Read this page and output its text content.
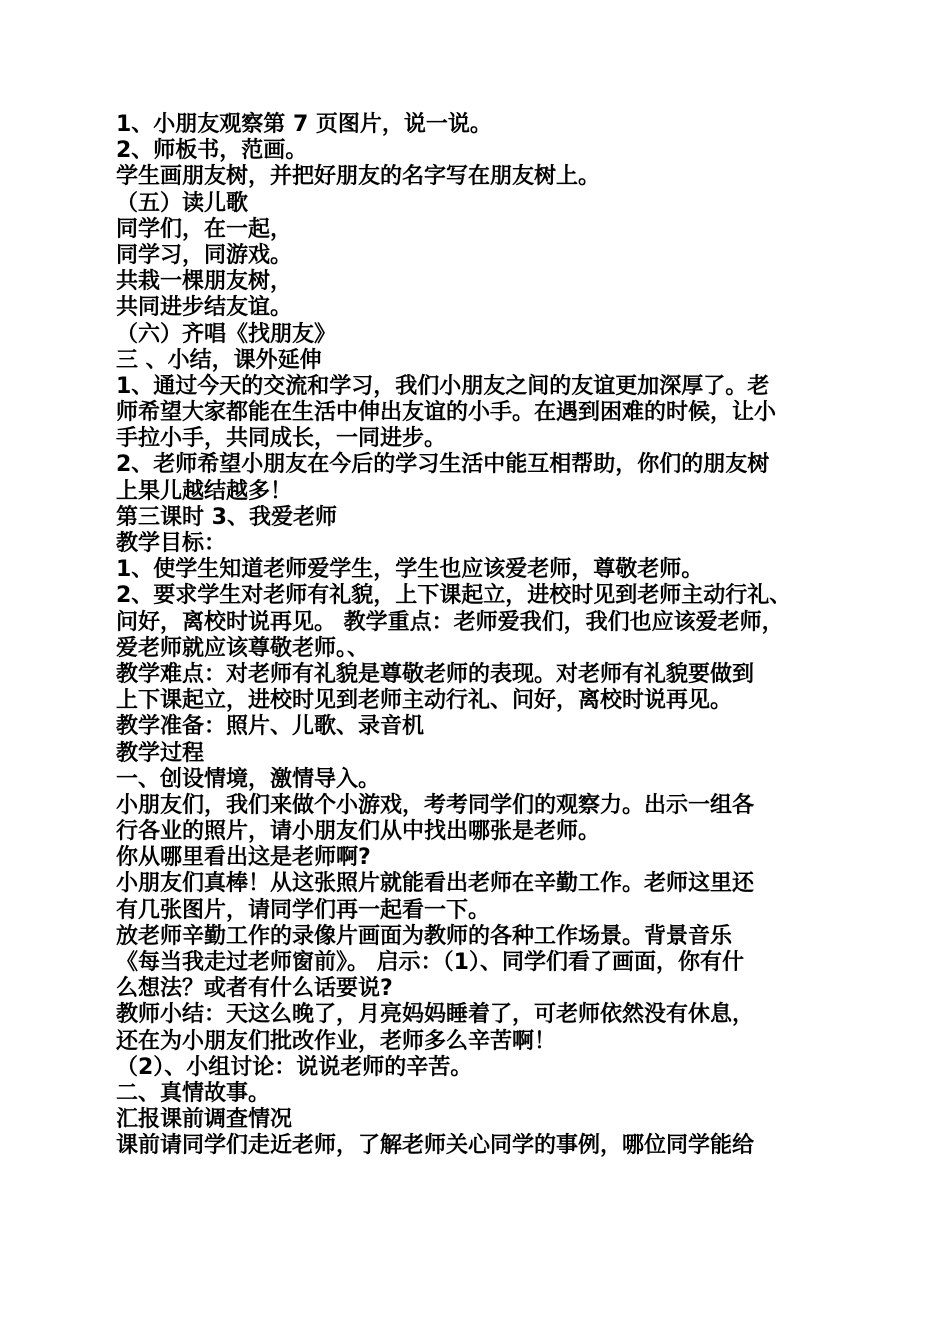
1、小朋友观察第 7 页图片，说一说。
2、师板书，范画。
学生画朋友树，并把好朋友的名字写在朋友树上。
（五）读儿歌
同学们，在一起，
同学习，同游戏。
共栽一棵朋友树，
共同进步结友谊。
（六）齐唱《找朋友》
三 、小结，课外延伸
1、通过今天的交流和学习，我们小朋友之间的友谊更加深厚了。老
师希望大家都能在生活中伸出友谊的小手。在遇到困难的时候，让小
手拉小手，共同成长，一同进步。
2、老师希望小朋友在今后的学习生活中能互相帮助，你们的朋友树
上果儿越结越多！
第三课时 3、我爱老师
教学目标：
1、使学生知道老师爱学生，学生也应该爱老师，尊敬老师。
2、要求学生对老师有礼貌，上下课起立，进校时见到老师主动行礼、
问好，离校时说再见。 教学重点：老师爱我们，我们也应该爱老师，
爱老师就应该尊敬老师。、
教学难点：对老师有礼貌是尊敬老师的表现。对老师有礼貌要做到
上下课起立，进校时见到老师主动行礼、问好，离校时说再见。
教学准备：照片、儿歌、录音机
教学过程
一、创设情境，激情导入。
小朋友们，我们来做个小游戏，考考同学们的观察力。出示一组各
行各业的照片，请小朋友们从中找出哪张是老师。
你从哪里看出这是老师啊?
小朋友们真棒！从这张照片就能看出老师在辛勤工作。老师这里还
有几张图片，请同学们再一起看一下。
放老师辛勤工作的录像片画面为教师的各种工作场景。背景音乐
《每当我走过老师窗前》。 启示：（1）、同学们看了画面，你有什
么想法？或者有什么话要说?
教师小结：天这么晚了，月亮妈妈睡着了，可老师依然没有休息，
还在为小朋友们批改作业，老师多么辛苦啊！
（2）、小组讨论：说说老师的辛苦。
二、真情故事。
汇报课前调查情况
课前请同学们走近老师，了解老师关心同学的事例，哪位同学能给
